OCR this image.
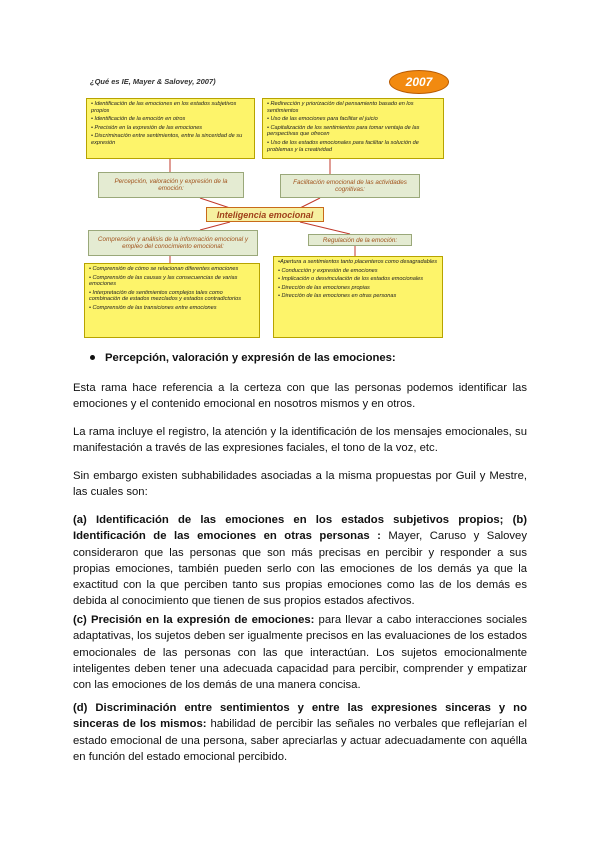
¿Qué es IE, Mayer & Salovey, 2007)	2007
• Identificación de las emociones en los estados subjetivos propios
• Identificación de la emoción en otros
• Precisión en la expresión de las emociones
• Discriminación entre sentimientos, entre la sinceridad de su expresión
• Redirección y priorización del pensamiento basado en los sentimientos
• Uso de las emociones para facilitar el juicio
• Capitalización de los sentimientos para tomar ventaja de las perspectivas que ofrecen
• Uso de los estados emocionales para facilitar la solución de problemas y la creatividad
Percepción, valoración y expresión de la emoción:
Facilitación emocional de las actividades cognitivas:
Inteligencia emocional
Comprensión y análisis de la información emocional y empleo del conocimiento emocional:
Regulación de la emoción:
• Comprensión de cómo se relacionan diferentes emociones
• Comprensión de las causas y las consecuencias de varias emociones
• Interpretación de sentimientos complejos tales como combinación de estados mezclados y estados contradictorios
• Comprensión de las transiciones entre emociones
•Apertura a sentimientos tanto placenteros como desagradables
• Conducción y expresión de emociones
• Implicación o desvinculación de los estados emocionales
• Dirección de las emociones propias
• Dirección de las emociones en otras personas
Percepción, valoración y expresión de las emociones:

Esta rama hace referencia a la certeza con que las personas podemos identificar las emociones y el contenido emocional en nosotros mismos y en otros.

La rama incluye el registro, la atención y la identificación de los mensajes emocionales, su manifestación a través de las expresiones faciales, el tono de la voz, etc.

Sin embargo existen subhabilidades asociadas a la misma propuestas por Guil y Mestre, las cuales son:

(a) Identificación de las emociones en los estados subjetivos propios; (b) Identificación de las emociones en otras personas : Mayer, Caruso y Salovey consideraron que las personas que son más precisas en percibir y responder a sus propias emociones, también pueden serlo con las emociones de los demás ya que la exactitud con la que perciben tanto sus propias emociones como las de los demás es debida al conocimiento que tienen de sus propios estados afectivos.

(c) Precisión en la expresión de emociones: para llevar a cabo interacciones sociales adaptativas, los sujetos deben ser igualmente precisos en las evaluaciones de los estados emocionales de las personas con las que interactúan. Los sujetos emocionalmente inteligentes deben tener una adecuada capacidad para percibir, comprender y empatizar con las emociones de los demás de una manera concisa.

(d) Discriminación entre sentimientos y entre las expresiones sinceras y no sinceras de los mismos: habilidad de percibir las señales no verbales que reflejarían el estado emocional de una persona, saber apreciarlas y actuar adecuadamente con aquélla en función del estado emocional percibido.
